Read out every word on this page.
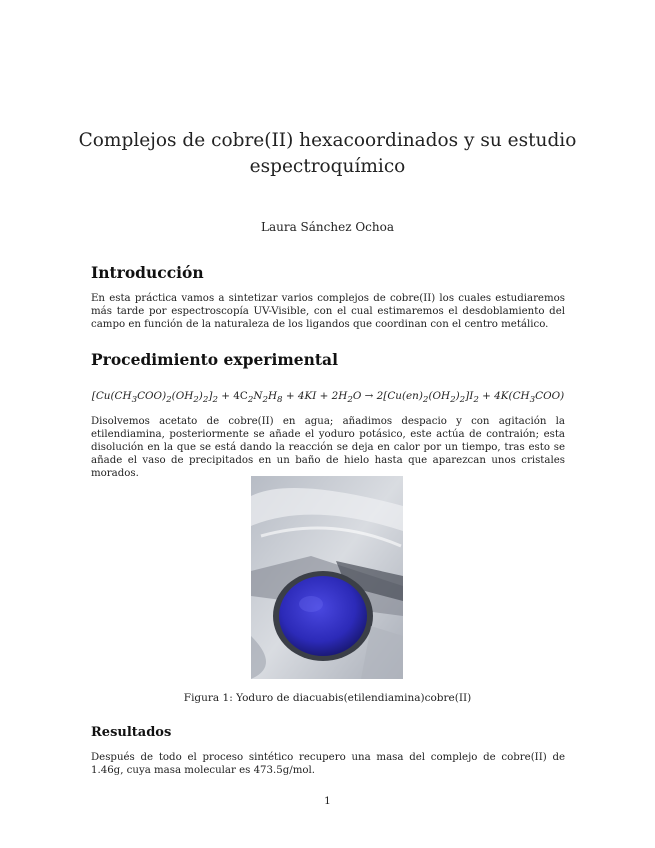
Complejos de cobre(II) hexacoordinados y su estudio espectroquímico
Laura Sánchez Ochoa
Introducción

En esta práctica vamos a sintetizar varios complejos de cobre(II) los cuales estudiaremos más tarde por espectroscopía UV-Visible, con el cual estimaremos el desdoblamiento del campo en función de la naturaleza de los ligandos que coordinan con el centro metálico.

Procedimiento experimental
$[Cu(CH_3COO)_2(OH_2)_2]_2 + 4C_2N_2H_8 + 4KI + 2H_2O \to 2[Cu(en)_2(OH_2)_2]I_2 + 4K(CH_3COO)$

Disolvemos acetato de cobre(II) en agua; añadimos despacio y con agitación la etilendiamina, posteriormente se añade el yoduro potásico, este actúa de contraión; esta disolución en la que se está dando la reacción se deja en calor por un tiempo, tras esto se añade el vaso de precipitados en un baño de hielo hasta que aparezcan unos cristales morados.

Figura 1: Yoduro de diacuabis(etilendiamina)cobre(II)
Resultados

Después de todo el proceso sintético recupero una masa del complejo de cobre(II) de 1.46g, cuya masa molecular es 473.5g/mol.

1
